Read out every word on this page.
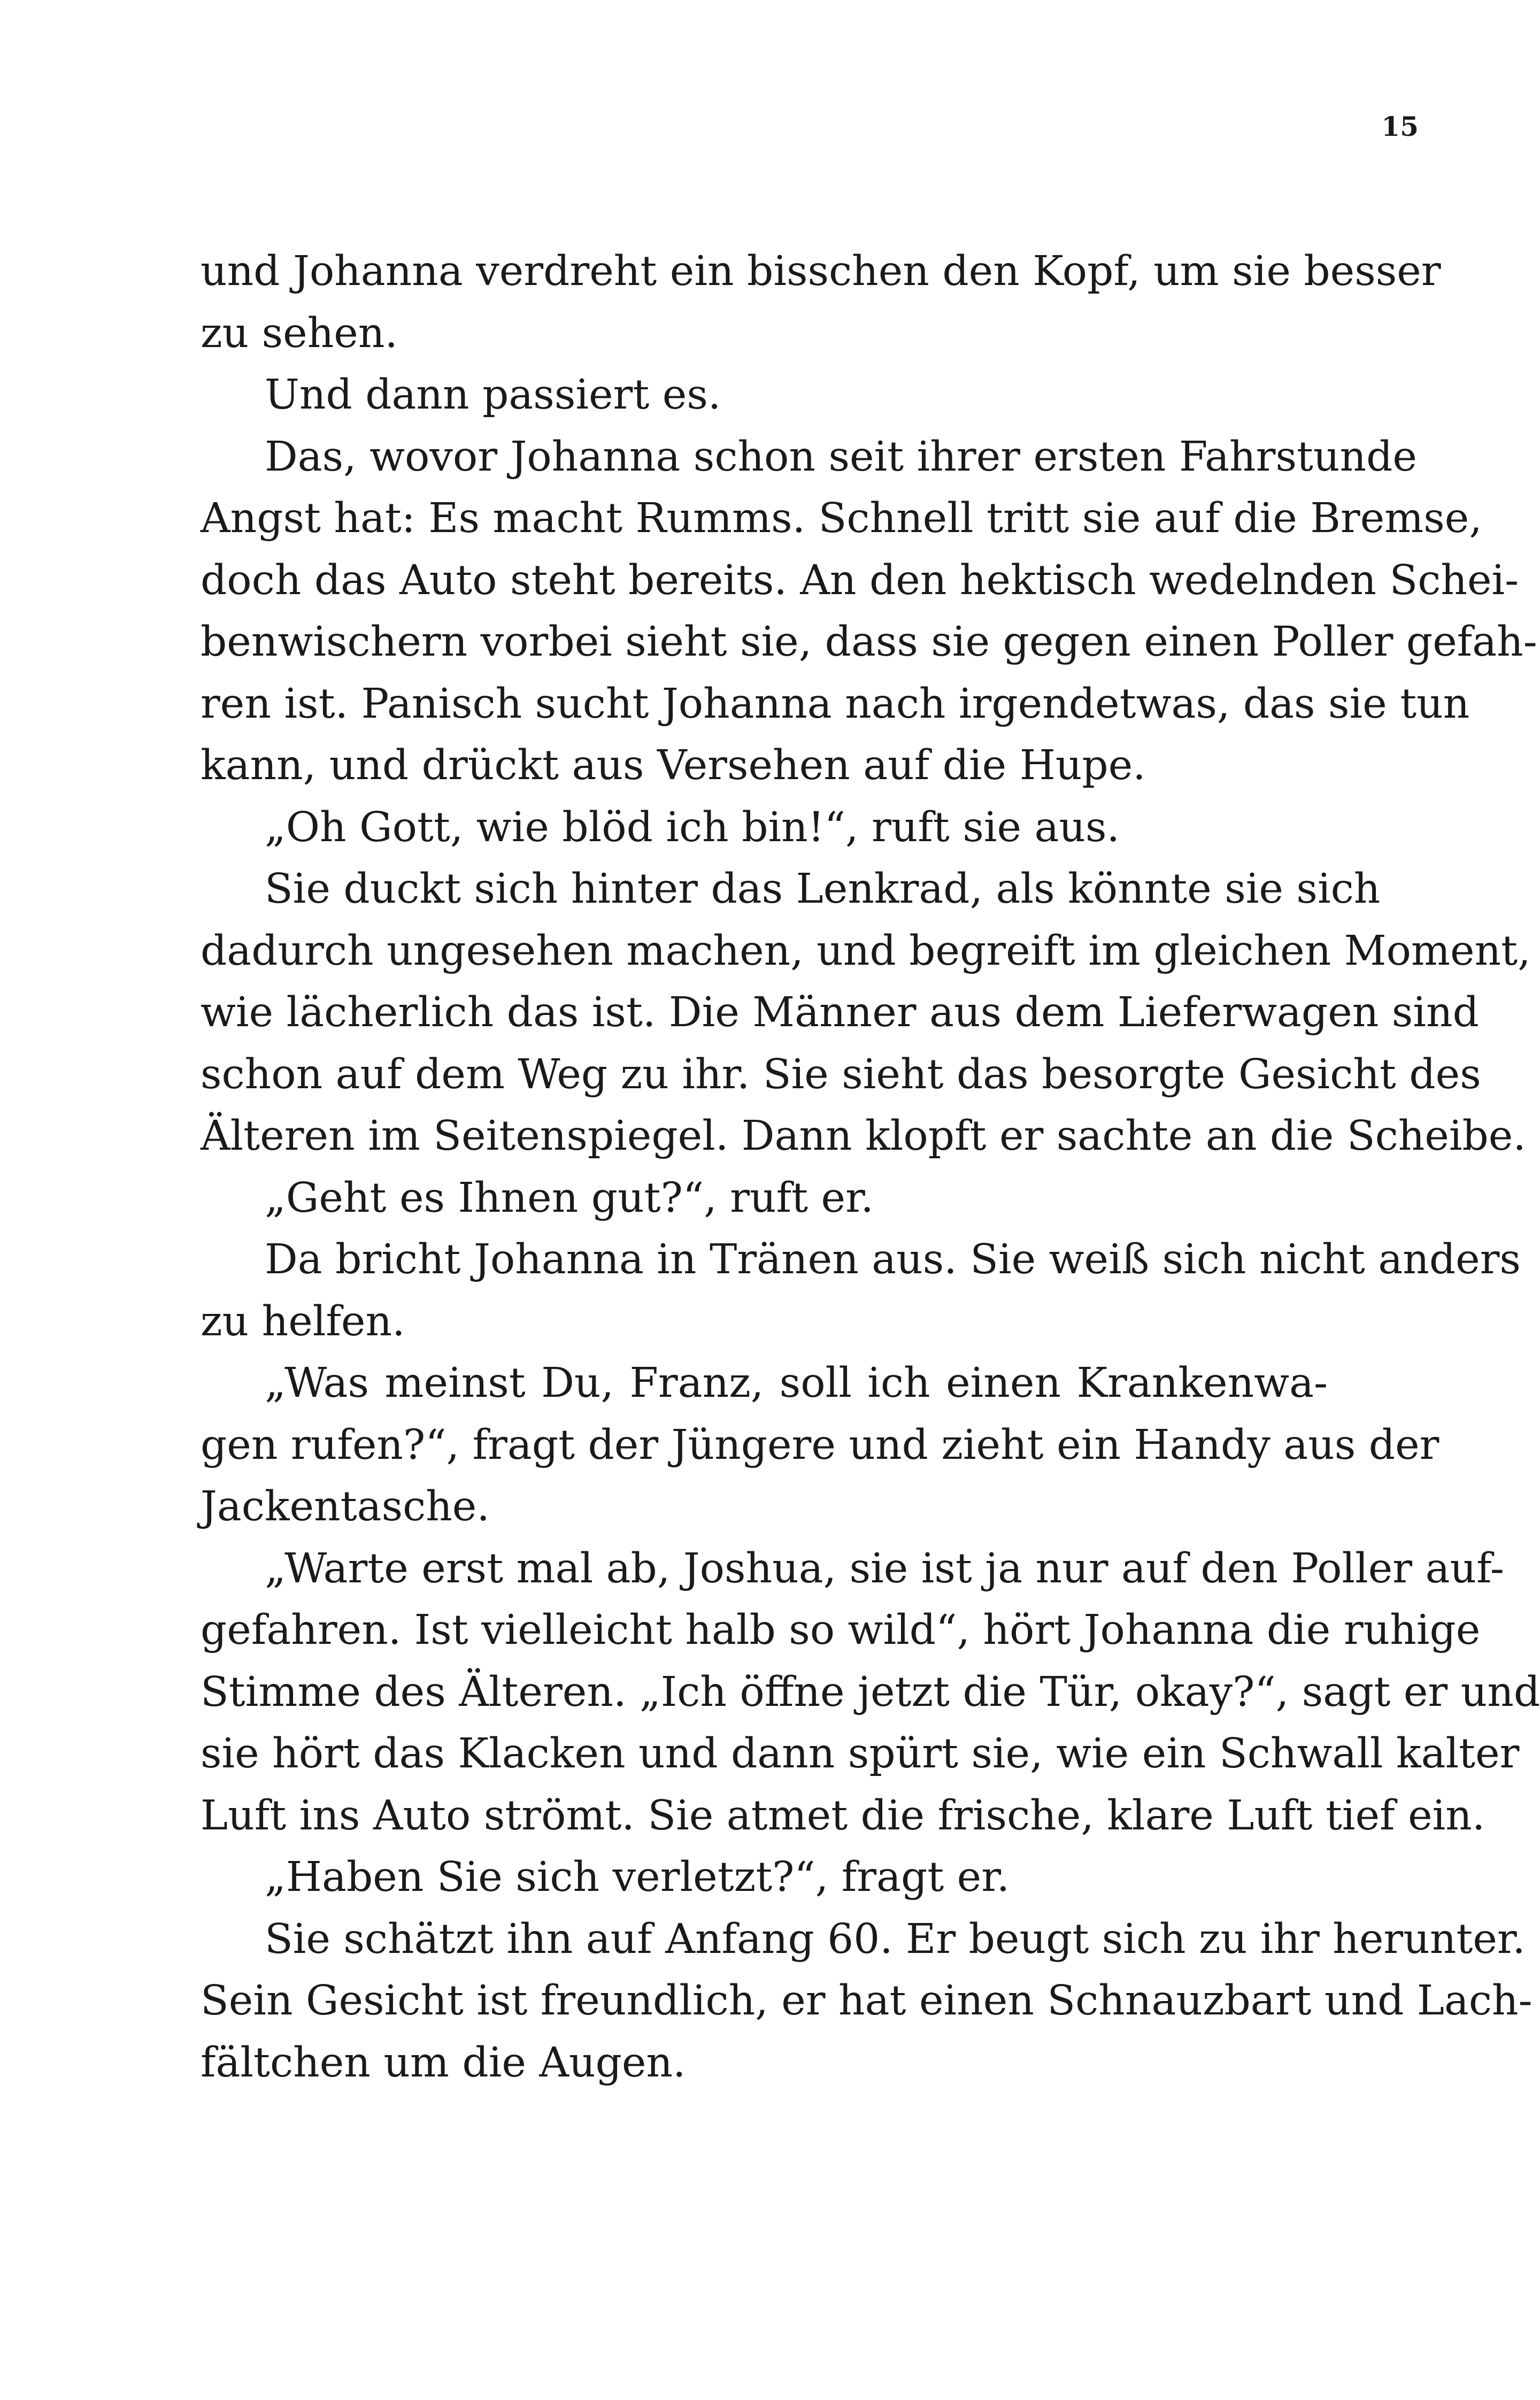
15
und Johanna verdreht ein bisschen den Kopf, um sie besser
zu sehen.
Und dann passiert es.
Das, wovor Johanna schon seit ihrer ersten Fahrstunde
Angst hat: Es macht Rumms. Schnell tritt sie auf die Bremse,
doch das Auto steht bereits. An den hektisch wedelnden Schei-
benwischern vorbei sieht sie, dass sie gegen einen Poller gefah-
ren ist. Panisch sucht Johanna nach irgendetwas, das sie tun
kann, und drückt aus Versehen auf die Hupe.
„Oh Gott, wie blöd ich bin!“, ruft sie aus.
Sie duckt sich hinter das Lenkrad, als könnte sie sich
dadurch ungesehen machen, und begreift im gleichen Moment,
wie lächerlich das ist. Die Männer aus dem Lieferwagen sind
schon auf dem Weg zu ihr. Sie sieht das besorgte Gesicht des
Älteren im Seitenspiegel. Dann klopft er sachte an die Scheibe.
„Geht es Ihnen gut?“, ruft er.
Da bricht Johanna in Tränen aus. Sie weiß sich nicht anders
zu helfen.
„Was meinst Du, Franz, soll ich einen Krankenwa-
gen rufen?“, fragt der Jüngere und zieht ein Handy aus der
Jackentasche.
„Warte erst mal ab, Joshua, sie ist ja nur auf den Poller auf-
gefahren. Ist vielleicht halb so wild“, hört Johanna die ruhige
Stimme des Älteren. „Ich öffne jetzt die Tür, okay?“, sagt er und
sie hört das Klacken und dann spürt sie, wie ein Schwall kalter
Luft ins Auto strömt. Sie atmet die frische, klare Luft tief ein.
„Haben Sie sich verletzt?“, fragt er.
Sie schätzt ihn auf Anfang 60. Er beugt sich zu ihr herunter.
Sein Gesicht ist freundlich, er hat einen Schnauzbart und Lach-
fältchen um die Augen.
